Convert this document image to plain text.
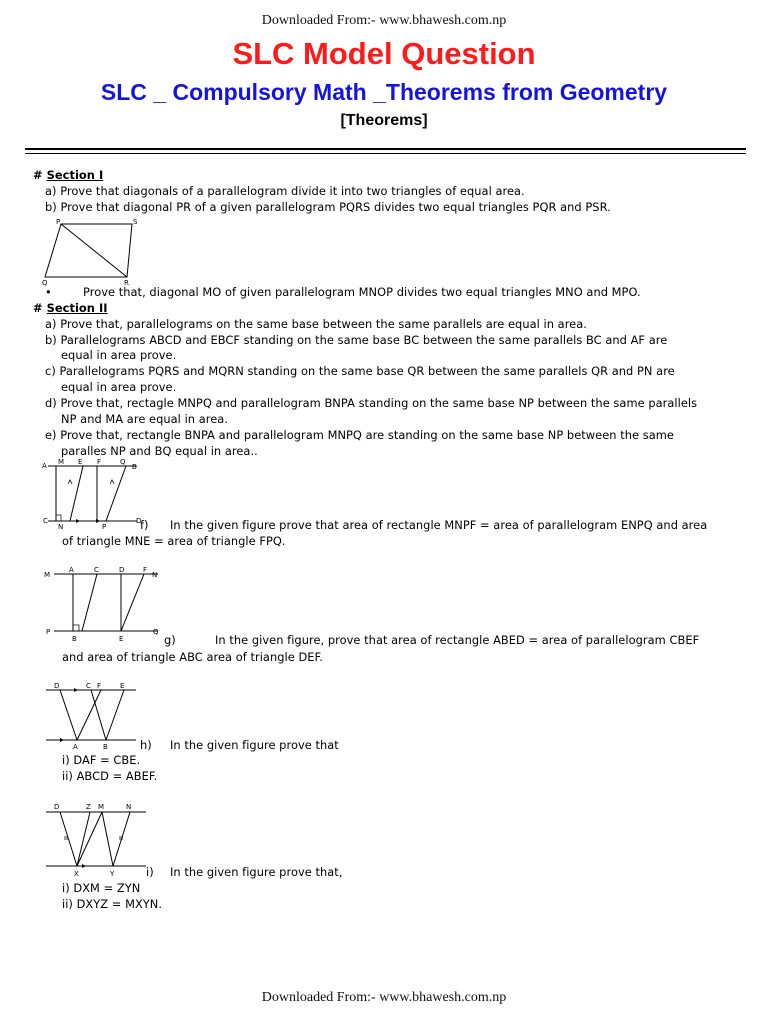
Downloaded From:- www.bhawesh.com.np
SLC Model Question
SLC _ Compulsory Math _Theorems from Geometry
[Theorems]
# Section I
a) Prove that diagonals of a parallelogram divide it into two triangles of equal area.
b) Prove that diagonal PR of a given parallelogram PQRS divides two equal triangles PQR and PSR.
P	S
Q	R
•	Prove that, diagonal MO of given parallelogram MNOP divides two equal triangles MNO and MPO.
# Section II
a) Prove that, parallelograms on the same base between the same parallels are equal in area.
b) Parallelograms ABCD and EBCF standing on the same base BC between the same parallels BC and AF are
equal in area prove.
c) Parallelograms PQRS and MQRN standing on the same base QR between the same parallels QR and PN are
equal in area prove.
d) Prove that, rectagle MNPQ and parallelogram BNPA standing on the same base NP between the same parallels
NP and MA are equal in area.
e) Prove that, rectangle BNPA and parallelogram MNPQ are standing on the same base NP between the same
paralles NP and BQ equal in area..
A M E F	Q
B
C
N	P
D
f) In the given figure prove that area of rectangle MNPF = area of parallelogram ENPQ and area
of triangle MNE = area of triangle FPQ.
M
A	C	D	F
N
P
B	E
Q
g)	In the given figure, prove that area of rectangle ABED = area of parallelogram CBEF
and area of triangle ABC area of triangle DEF.
D	C F	E
A	B	h) In the given figure prove that
i) DAF = CBE.
ii) ABCD = ABEF.
D	Z M	N
X	Y	i) In the given figure prove that,
i) DXM = ZYN
ii) DXYZ = MXYN.
Downloaded From:- www.bhawesh.com.np
